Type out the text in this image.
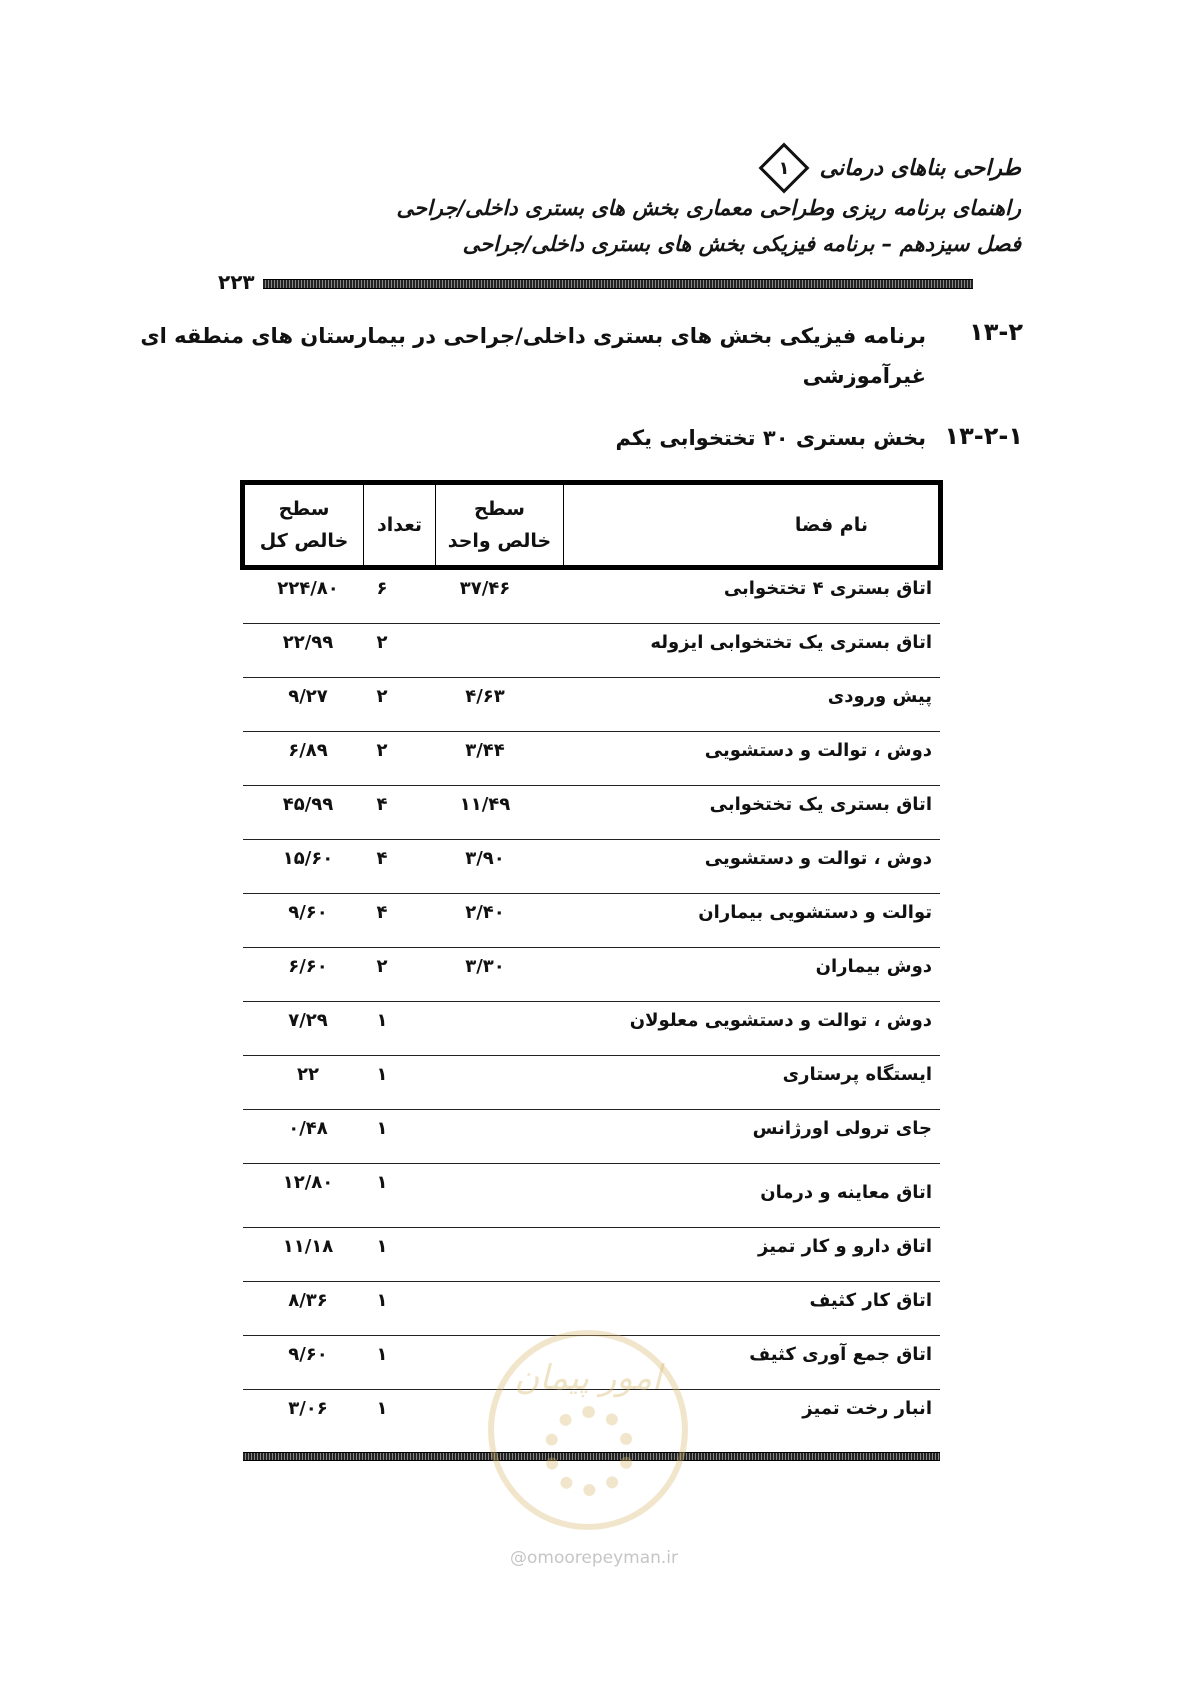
طراحی بناهای درمانی
۱
راهنمای برنامه ریزی وطراحی معماری بخش های بستری داخلی/جراحی
فصل سیزدهم – برنامه فیزیکی بخش های بستری داخلی/جراحی
۲۲۳
۱۳-۲
برنامه فیزیکی بخش های بستری داخلی/جراحی در بیمارستان های منطقه ای
غیرآموزشی
۱۳-۲-۱
بخش بستری ۳۰ تختخوابی یکم
نام فضا
سطح
خالص واحد
تعداد
سطح
خالص کل
اتاق بستری ۴ تختخوابی
۳۷/۴۶
۶
۲۲۴/۸۰
اتاق بستری یک تختخوابی ایزوله
۲
۲۲/۹۹
پیش ورودی
۴/۶۳
۲
۹/۲۷
دوش ، توالت و دستشویی
۳/۴۴
۲
۶/۸۹
اتاق بستری یک تختخوابی
۱۱/۴۹
۴
۴۵/۹۹
دوش ، توالت و دستشویی
۳/۹۰
۴
۱۵/۶۰
توالت و دستشویی بیماران
۲/۴۰
۴
۹/۶۰
دوش بیماران
۳/۳۰
۲
۶/۶۰
دوش ، توالت و دستشویی معلولان
۱
۷/۲۹
ایستگاه پرستاری
۱
۲۲
جای ترولی اورژانس
۱
۰/۴۸
اتاق معاینه و درمان
۱
۱۲/۸۰
اتاق دارو و کار تمیز
۱
۱۱/۱۸
اتاق کار کثیف
۱
۸/۳۶
اتاق جمع آوری کثیف
۱
۹/۶۰
انبار رخت تمیز
۱
۳/۰۶
امور پیمان
@omoorepeyman.ir
